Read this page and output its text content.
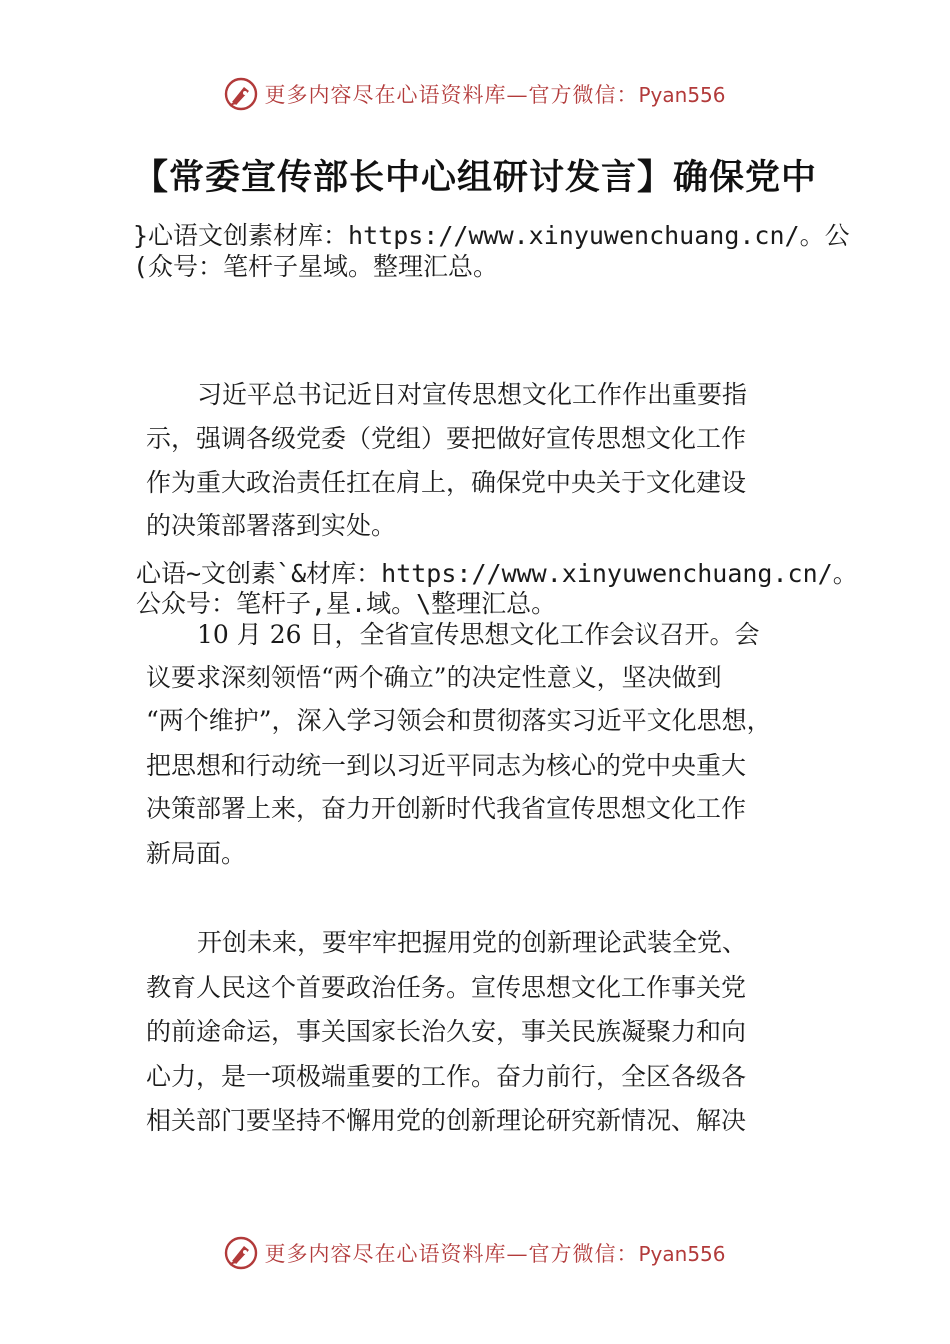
更多内容尽在心语资料库—官方微信：Pyan556
【常委宣传部长中心组研讨发言】确保党中
}心语文创素材库：https://www.xinyuwenchuang.cn/。公
(众号：笔杆子星域。整理汇总。
习近平总书记近日对宣传思想文化工作作出重要指
示，强调各级党委（党组）要把做好宣传思想文化工作
作为重大政治责任扛在肩上，确保党中央关于文化建设
的决策部署落到实处。
心语~文创素`&材库：https://www.xinyuwenchuang.cn/。
公众号：笔杆子,星.域。\整理汇总。
10 月 26 日，全省宣传思想文化工作会议召开。会
议要求深刻领悟“两个确立”的决定性意义，坚决做到
“两个维护”，深入学习领会和贯彻落实习近平文化思想，
把思想和行动统一到以习近平同志为核心的党中央重大
决策部署上来，奋力开创新时代我省宣传思想文化工作
新局面。
开创未来，要牢牢把握用党的创新理论武装全党、
教育人民这个首要政治任务。宣传思想文化工作事关党
的前途命运，事关国家长治久安，事关民族凝聚力和向
心力，是一项极端重要的工作。奋力前行，全区各级各
相关部门要坚持不懈用党的创新理论研究新情况、解决
更多内容尽在心语资料库—官方微信：Pyan556
